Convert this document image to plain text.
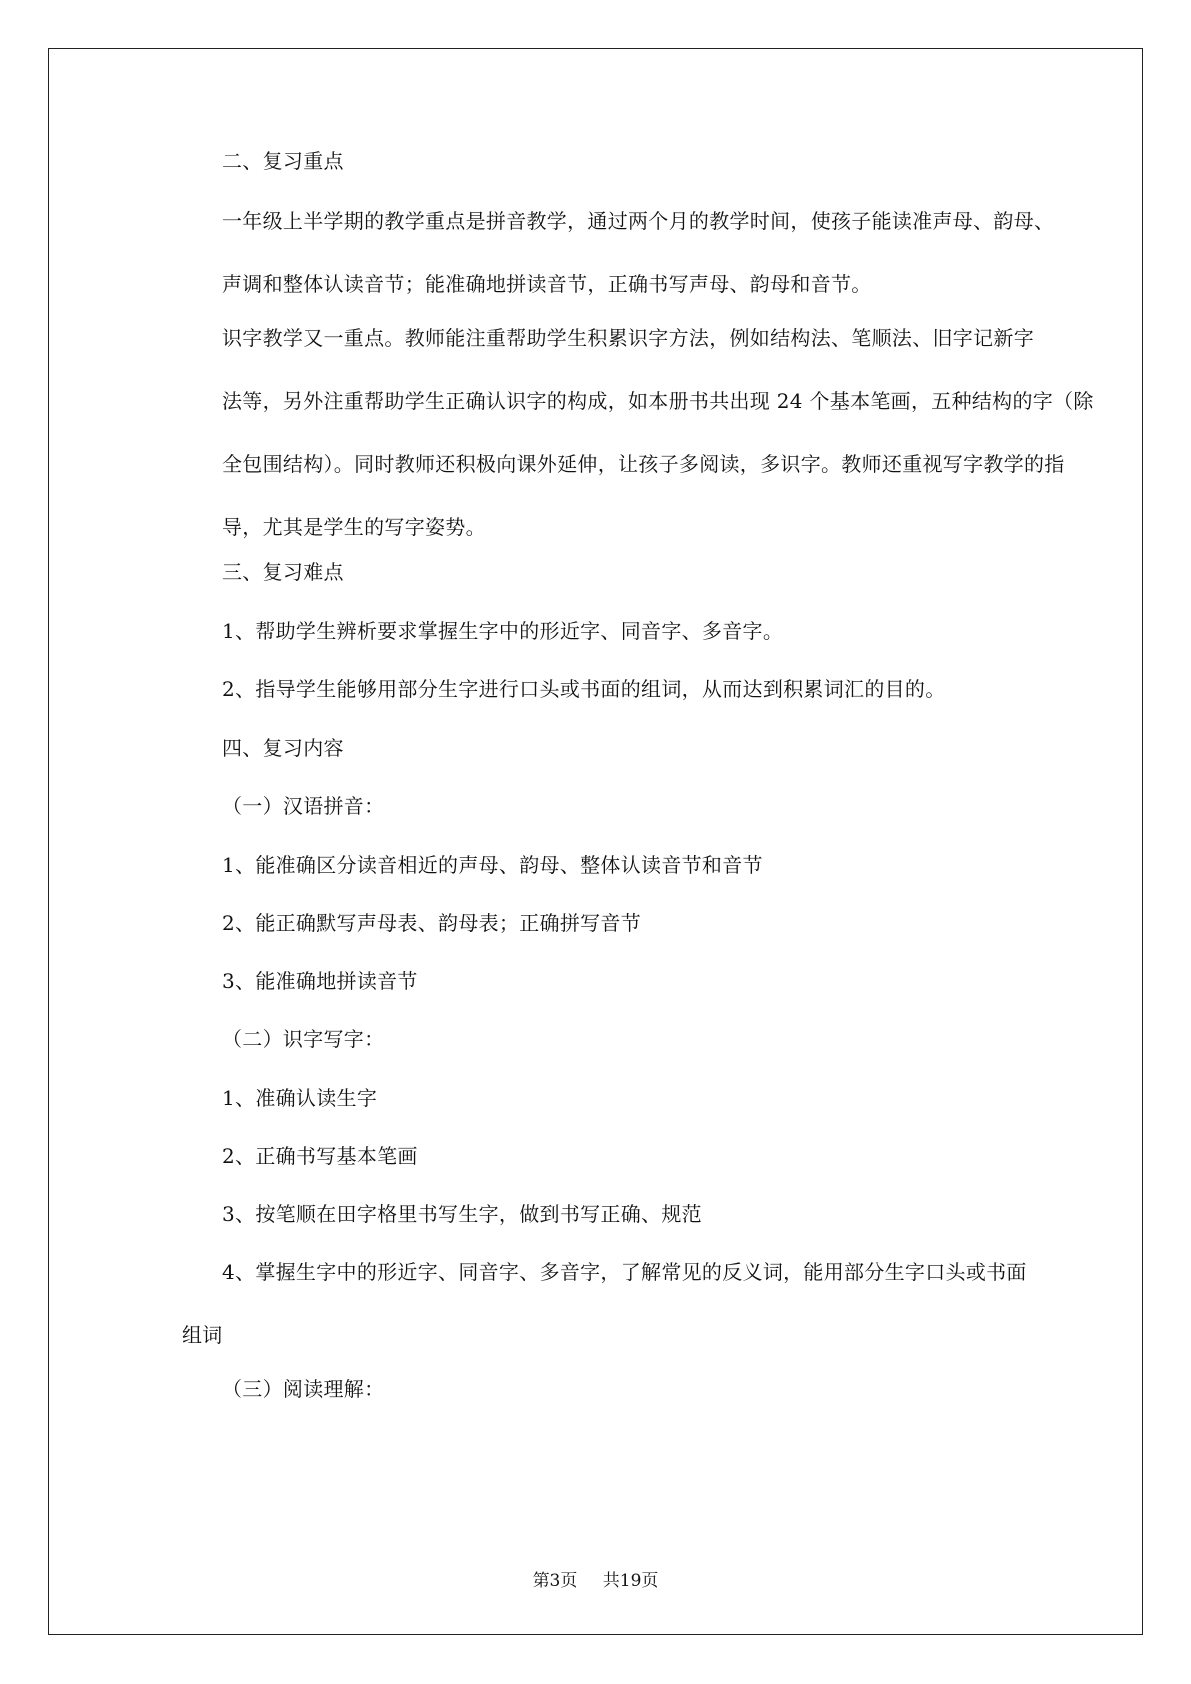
二、复习重点

一年级上半学期的教学重点是拼音教学，通过两个月的教学时间，使孩子能读准声母、韵母、
声调和整体认读音节；能准确地拼读音节，正确书写声母、韵母和音节。

识字教学又一重点。教师能注重帮助学生积累识字方法，例如结构法、笔顺法、旧字记新字
法等，另外注重帮助学生正确认识字的构成，如本册书共出现 24 个基本笔画，五种结构的字（除
全包围结构）。同时教师还积极向课外延伸，让孩子多阅读，多识字。教师还重视写字教学的指
导，尤其是学生的写字姿势。

三、复习难点

1、帮助学生辨析要求掌握生字中的形近字、同音字、多音字。

2、指导学生能够用部分生字进行口头或书面的组词，从而达到积累词汇的目的。

四、复习内容

（一）汉语拼音：

1、能准确区分读音相近的声母、韵母、整体认读音节和音节

2、能正确默写声母表、韵母表；正确拼写音节

3、能准确地拼读音节

（二）识字写字：

1、准确认读生字

2、正确书写基本笔画

3、按笔顺在田字格里书写生字，做到书写正确、规范

4、掌握生字中的形近字、同音字、多音字，了解常见的反义词，能用部分生字口头或书面
组词

（三）阅读理解：

第3页 共19页
